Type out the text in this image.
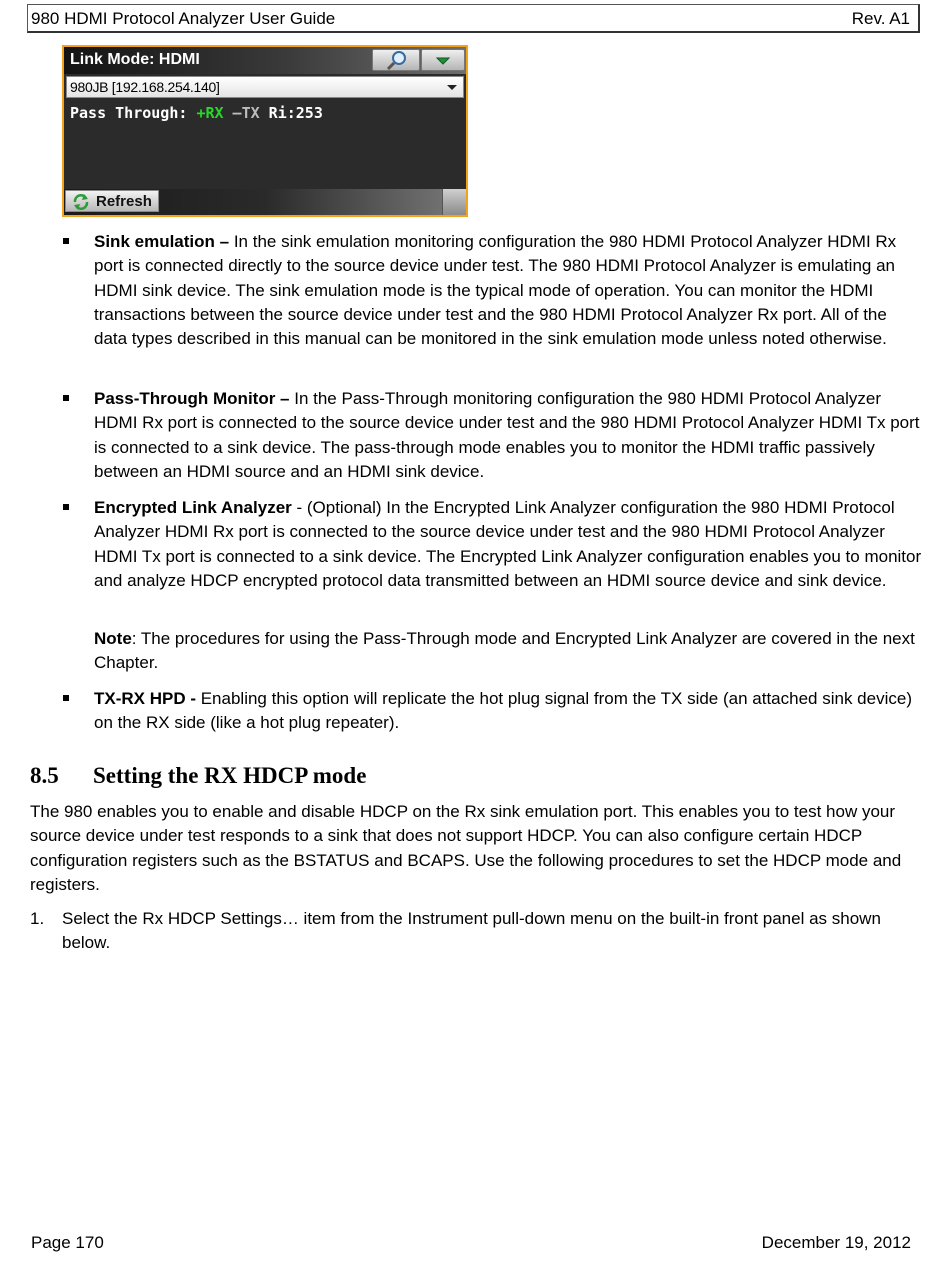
980 HDMI Protocol Analyzer User Guide	Rev. A1
Link Mode: HDMI
980JB [192.168.254.140]
Pass Through: +RX –TX Ri:253
Refresh
Sink emulation – In the sink emulation monitoring configuration the 980 HDMI Protocol Analyzer HDMI Rx port is connected directly to the source device under test. The 980 HDMI Protocol Analyzer is emulating an HDMI sink device. The sink emulation mode is the typical mode of operation. You can monitor the HDMI transactions between the source device under test and the 980 HDMI Protocol Analyzer Rx port. All of the data types described in this manual can be monitored in the sink emulation mode unless noted otherwise.
Pass-Through Monitor – In the Pass-Through monitoring configuration the 980 HDMI Protocol Analyzer HDMI Rx port is connected to the source device under test and the 980 HDMI Protocol Analyzer HDMI Tx port is connected to a sink device. The pass-through mode enables you to monitor the HDMI traffic passively between an HDMI source and an HDMI sink device.
Encrypted Link Analyzer - (Optional) In the Encrypted Link Analyzer configuration the 980 HDMI Protocol Analyzer HDMI Rx port is connected to the source device under test and the 980 HDMI Protocol Analyzer HDMI Tx port is connected to a sink device. The Encrypted Link Analyzer configuration enables you to monitor and analyze HDCP encrypted protocol data transmitted between an HDMI source device and sink device.
Note: The procedures for using the Pass-Through mode and Encrypted Link Analyzer are covered in the next Chapter.
TX-RX HPD - Enabling this option will replicate the hot plug signal from the TX side (an attached sink device) on the RX side (like a hot plug repeater).
8.5 Setting the RX HDCP mode
The 980 enables you to enable and disable HDCP on the Rx sink emulation port. This enables you to test how your source device under test responds to a sink that does not support HDCP. You can also configure certain HDCP configuration registers such as the BSTATUS and BCAPS. Use the following procedures to set the HDCP mode and registers.
1. Select the Rx HDCP Settings… item from the Instrument pull-down menu on the built-in front panel as shown below.
Page 170	December 19, 2012
